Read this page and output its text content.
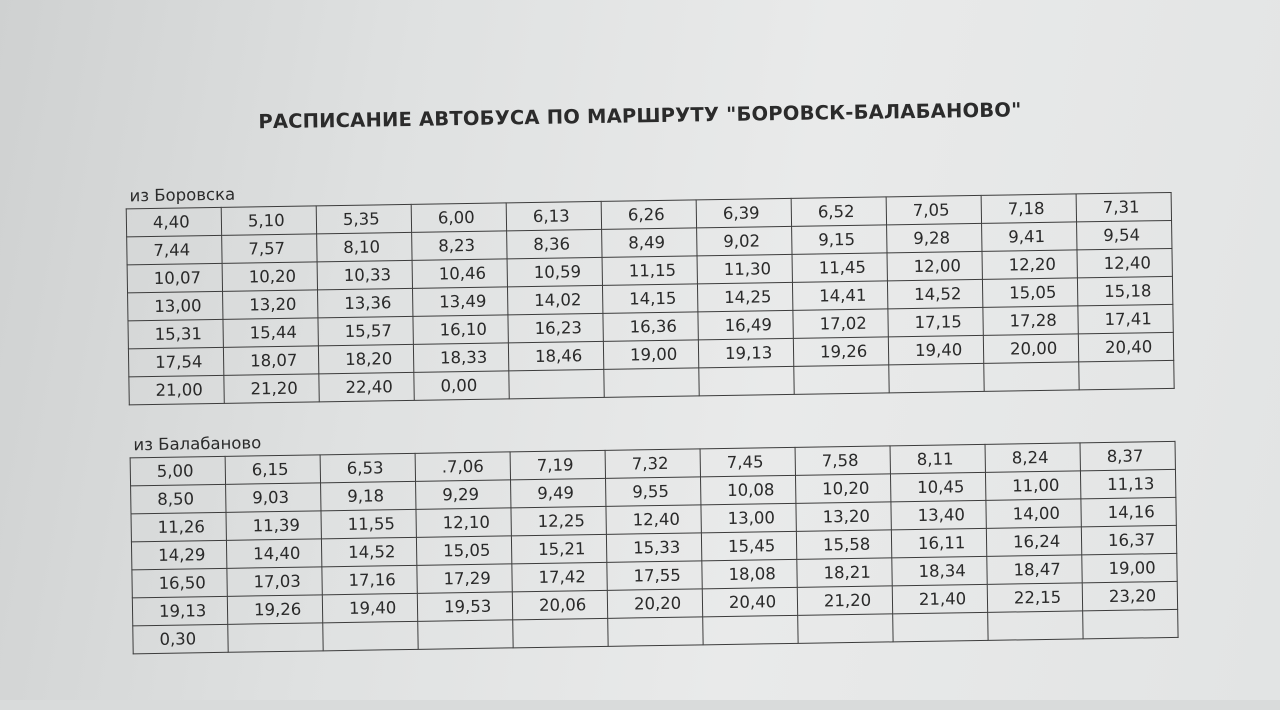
РАСПИСАНИЕ АВТОБУСА ПО МАРШРУТУ "БОРОВСК-БАЛАБАНОВО"
из Боровска
4,40	5,10	5,35	6,00	6,13	6,26	6,39	6,52	7,05	7,18	7,31
7,44	7,57	8,10	8,23	8,36	8,49	9,02	9,15	9,28	9,41	9,54
10,07	10,20	10,33	10,46	10,59	11,15	11,30	11,45	12,00	12,20	12,40
13,00	13,20	13,36	13,49	14,02	14,15	14,25	14,41	14,52	15,05	15,18
15,31	15,44	15,57	16,10	16,23	16,36	16,49	17,02	17,15	17,28	17,41
17,54	18,07	18,20	18,33	18,46	19,00	19,13	19,26	19,40	20,00	20,40
21,00	21,20	22,40	0,00							
из Балабаново
5,00	6,15	6,53	.7,06	7,19	7,32	7,45	7,58	8,11	8,24	8,37
8,50	9,03	9,18	9,29	9,49	9,55	10,08	10,20	10,45	11,00	11,13
11,26	11,39	11,55	12,10	12,25	12,40	13,00	13,20	13,40	14,00	14,16
14,29	14,40	14,52	15,05	15,21	15,33	15,45	15,58	16,11	16,24	16,37
16,50	17,03	17,16	17,29	17,42	17,55	18,08	18,21	18,34	18,47	19,00
19,13	19,26	19,40	19,53	20,06	20,20	20,40	21,20	21,40	22,15	23,20
0,30										
